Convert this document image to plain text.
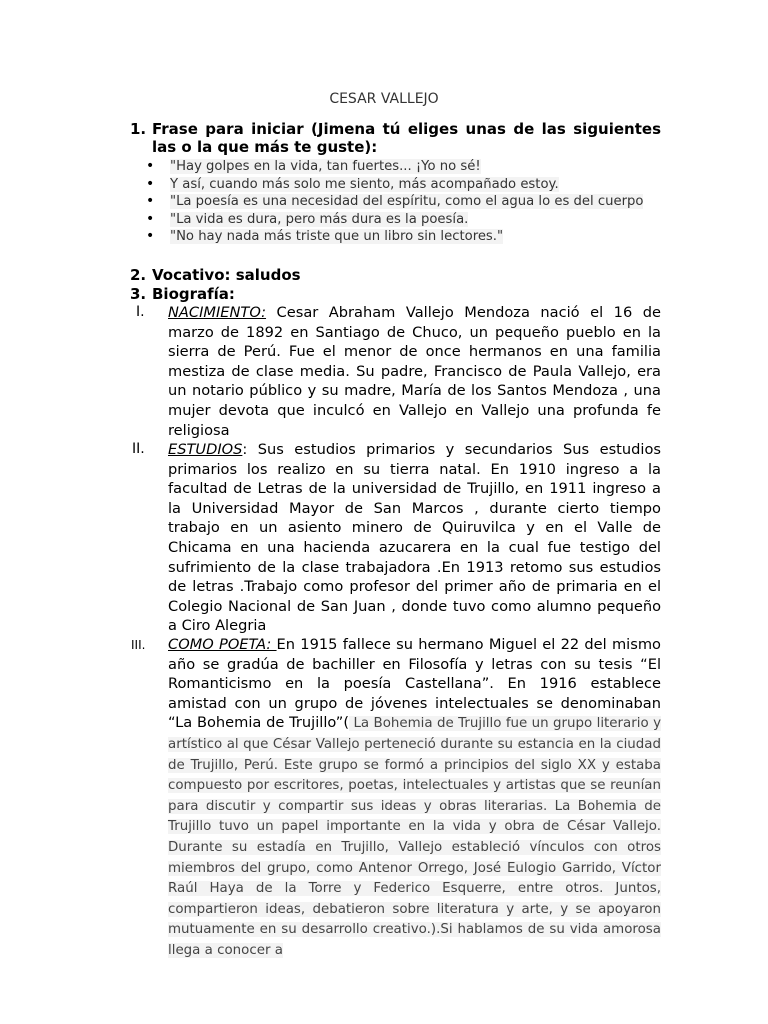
CESAR VALLEJO
1. Frase para iniciar (Jimena tú eliges unas de las siguientes las o la que más te guste):
• "Hay golpes en la vida, tan fuertes... ¡Yo no sé!
• Y así, cuando más solo me siento, más acompañado estoy.
• "La poesía es una necesidad del espíritu, como el agua lo es del cuerpo
• "La vida es dura, pero más dura es la poesía.
• "No hay nada más triste que un libro sin lectores."
2. Vocativo: saludos
3. Biografía:
I. NACIMIENTO: Cesar Abraham Vallejo Mendoza nació el 16 de marzo de 1892 en Santiago de Chuco, un pequeño pueblo en la sierra de Perú. Fue el menor de once hermanos en una familia mestiza de clase media. Su padre, Francisco de Paula Vallejo, era un notario público y su madre, María de los Santos Mendoza , una mujer devota que inculcó en Vallejo en Vallejo una profunda fe religiosa
II. ESTUDIOS: Sus estudios primarios y secundarios Sus estudios primarios los realizo en su tierra natal. En 1910 ingreso a la facultad de Letras de la universidad de Trujillo, en 1911 ingreso a la Universidad Mayor de San Marcos , durante cierto tiempo trabajo en un asiento minero de Quiruvilca y en el Valle de Chicama en una hacienda azucarera en la cual fue testigo del sufrimiento de la clase trabajadora .En 1913 retomo sus estudios de letras .Trabajo como profesor del primer año de primaria en el Colegio Nacional de San Juan , donde tuvo como alumno pequeño a Ciro Alegria
III. COMO POETA: En 1915 fallece su hermano Miguel el 22 del mismo año se gradúa de bachiller en Filosofía y letras con su tesis “El Romanticismo en la poesía Castellana”. En 1916 establece amistad con un grupo de jóvenes intelectuales se denominaban “La Bohemia de Trujillo”( La Bohemia de Trujillo fue un grupo literario y artístico al que César Vallejo perteneció durante su estancia en la ciudad de Trujillo, Perú. Este grupo se formó a principios del siglo XX y estaba compuesto por escritores, poetas, intelectuales y artistas que se reunían para discutir y compartir sus ideas y obras literarias. La Bohemia de Trujillo tuvo un papel importante en la vida y obra de César Vallejo. Durante su estadía en Trujillo, Vallejo estableció vínculos con otros miembros del grupo, como Antenor Orrego, José Eulogio Garrido, Víctor Raúl Haya de la Torre y Federico Esquerre, entre otros. Juntos, compartieron ideas, debatieron sobre literatura y arte, y se apoyaron mutuamente en su desarrollo creativo.).Si hablamos de su vida amorosa llega a conocer a
